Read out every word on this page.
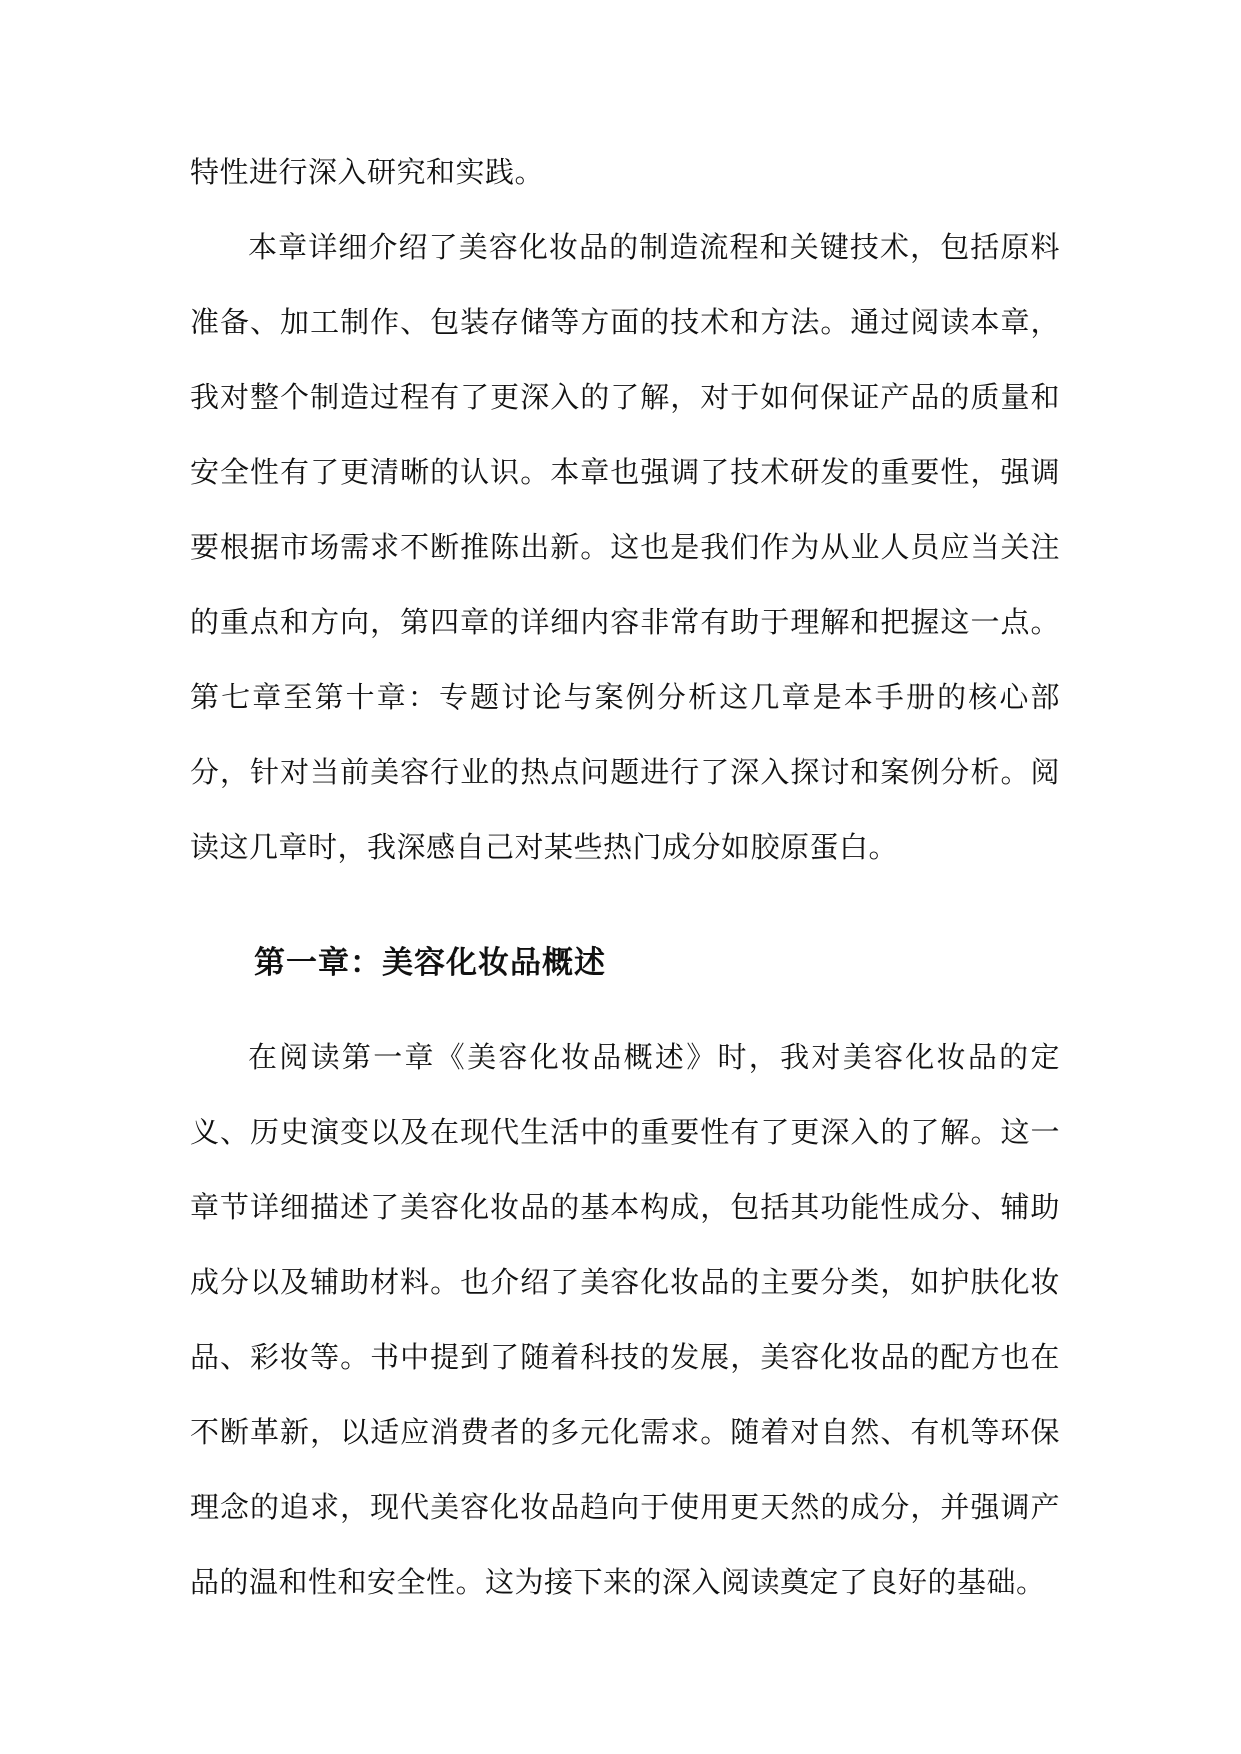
特性进行深入研究和实践。

本章详细介绍了美容化妆品的制造流程和关键技术，包括原料准备、加工制作、包装存储等方面的技术和方法。通过阅读本章，我对整个制造过程有了更深入的了解，对于如何保证产品的质量和安全性有了更清晰的认识。本章也强调了技术研发的重要性，强调要根据市场需求不断推陈出新。这也是我们作为从业人员应当关注的重点和方向，第四章的详细内容非常有助于理解和把握这一点。第七章至第十章：专题讨论与案例分析这几章是本手册的核心部分，针对当前美容行业的热点问题进行了深入探讨和案例分析。阅读这几章时，我深感自己对某些热门成分如胶原蛋白。

第一章：美容化妆品概述

在阅读第一章《美容化妆品概述》时，我对美容化妆品的定义、历史演变以及在现代生活中的重要性有了更深入的了解。这一章节详细描述了美容化妆品的基本构成，包括其功能性成分、辅助成分以及辅助材料。也介绍了美容化妆品的主要分类，如护肤化妆品、彩妆等。书中提到了随着科技的发展，美容化妆品的配方也在不断革新，以适应消费者的多元化需求。随着对自然、有机等环保理念的追求，现代美容化妆品趋向于使用更天然的成分，并强调产品的温和性和安全性。这为接下来的深入阅读奠定了良好的基础。
